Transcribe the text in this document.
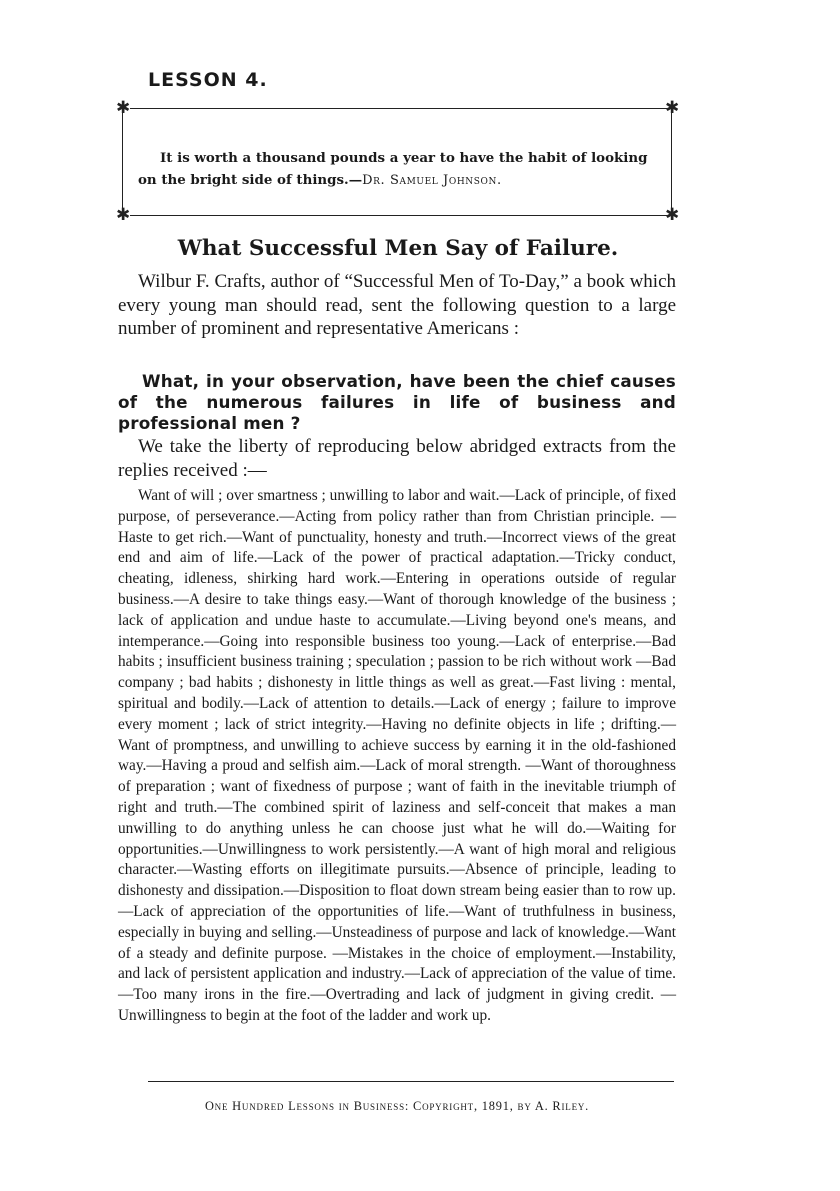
LESSON 4.
✱	✱
✱	✱
It is worth a thousand pounds a year to have the habit of looking
on the bright side of things.—Dr. Samuel Johnson.
What Successful Men Say of Failure.

Wilbur F. Crafts, author of “Successful Men of To-Day,” a book which every young man should read, sent the following question to a large number of prominent and representative Americans :

What, in your observation, have been the chief causes of the numerous failures in life of business and professional men ?

We take the liberty of reproducing below abridged extracts from the replies received :—

Want of will ; over smartness ; unwilling to labor and wait.—Lack of principle, of fixed purpose, of perseverance.—Acting from policy rather than from Christian principle. —Haste to get rich.—Want of punctuality, honesty and truth.—Incorrect views of the great end and aim of life.—Lack of the power of practical adaptation.—Tricky conduct, cheating, idleness, shirking hard work.—Entering in operations outside of regular business.—A desire to take things easy.—Want of thorough knowledge of the business ; lack of application and undue haste to accumulate.—Living beyond one's means, and intemperance.—Going into responsible business too young.—Lack of enterprise.—Bad habits ; insufficient business training ; speculation ; passion to be rich without work —Bad company ; bad habits ; dishonesty in little things as well as great.—Fast living : mental, spiritual and bodily.—Lack of attention to details.—Lack of energy ; failure to improve every moment ; lack of strict integrity.—Having no definite objects in life ; drifting.—Want of promptness, and unwilling to achieve success by earning it in the old-fashioned way.—Having a proud and selfish aim.—Lack of moral strength. —Want of thoroughness of preparation ; want of fixedness of purpose ; want of faith in the inevitable triumph of right and truth.—The combined spirit of laziness and self-conceit that makes a man unwilling to do anything unless he can choose just what he will do.—Waiting for opportunities.—Unwillingness to work persistently.—A want of high moral and religious character.—Wasting efforts on illegitimate pursuits.—Absence of principle, leading to dishonesty and dissipation.—Disposition to float down stream being easier than to row up.—Lack of appreciation of the opportunities of life.—Want of truthfulness in business, especially in buying and selling.—Unsteadiness of purpose and lack of knowledge.—Want of a steady and definite purpose. —Mistakes in the choice of employment.—Instability, and lack of persistent application and industry.—Lack of appreciation of the value of time.—Too many irons in the fire.—Overtrading and lack of judgment in giving credit. —Unwillingness to begin at the foot of the ladder and work up.

One Hundred Lessons in Business: Copyright, 1891, by A. Riley.
